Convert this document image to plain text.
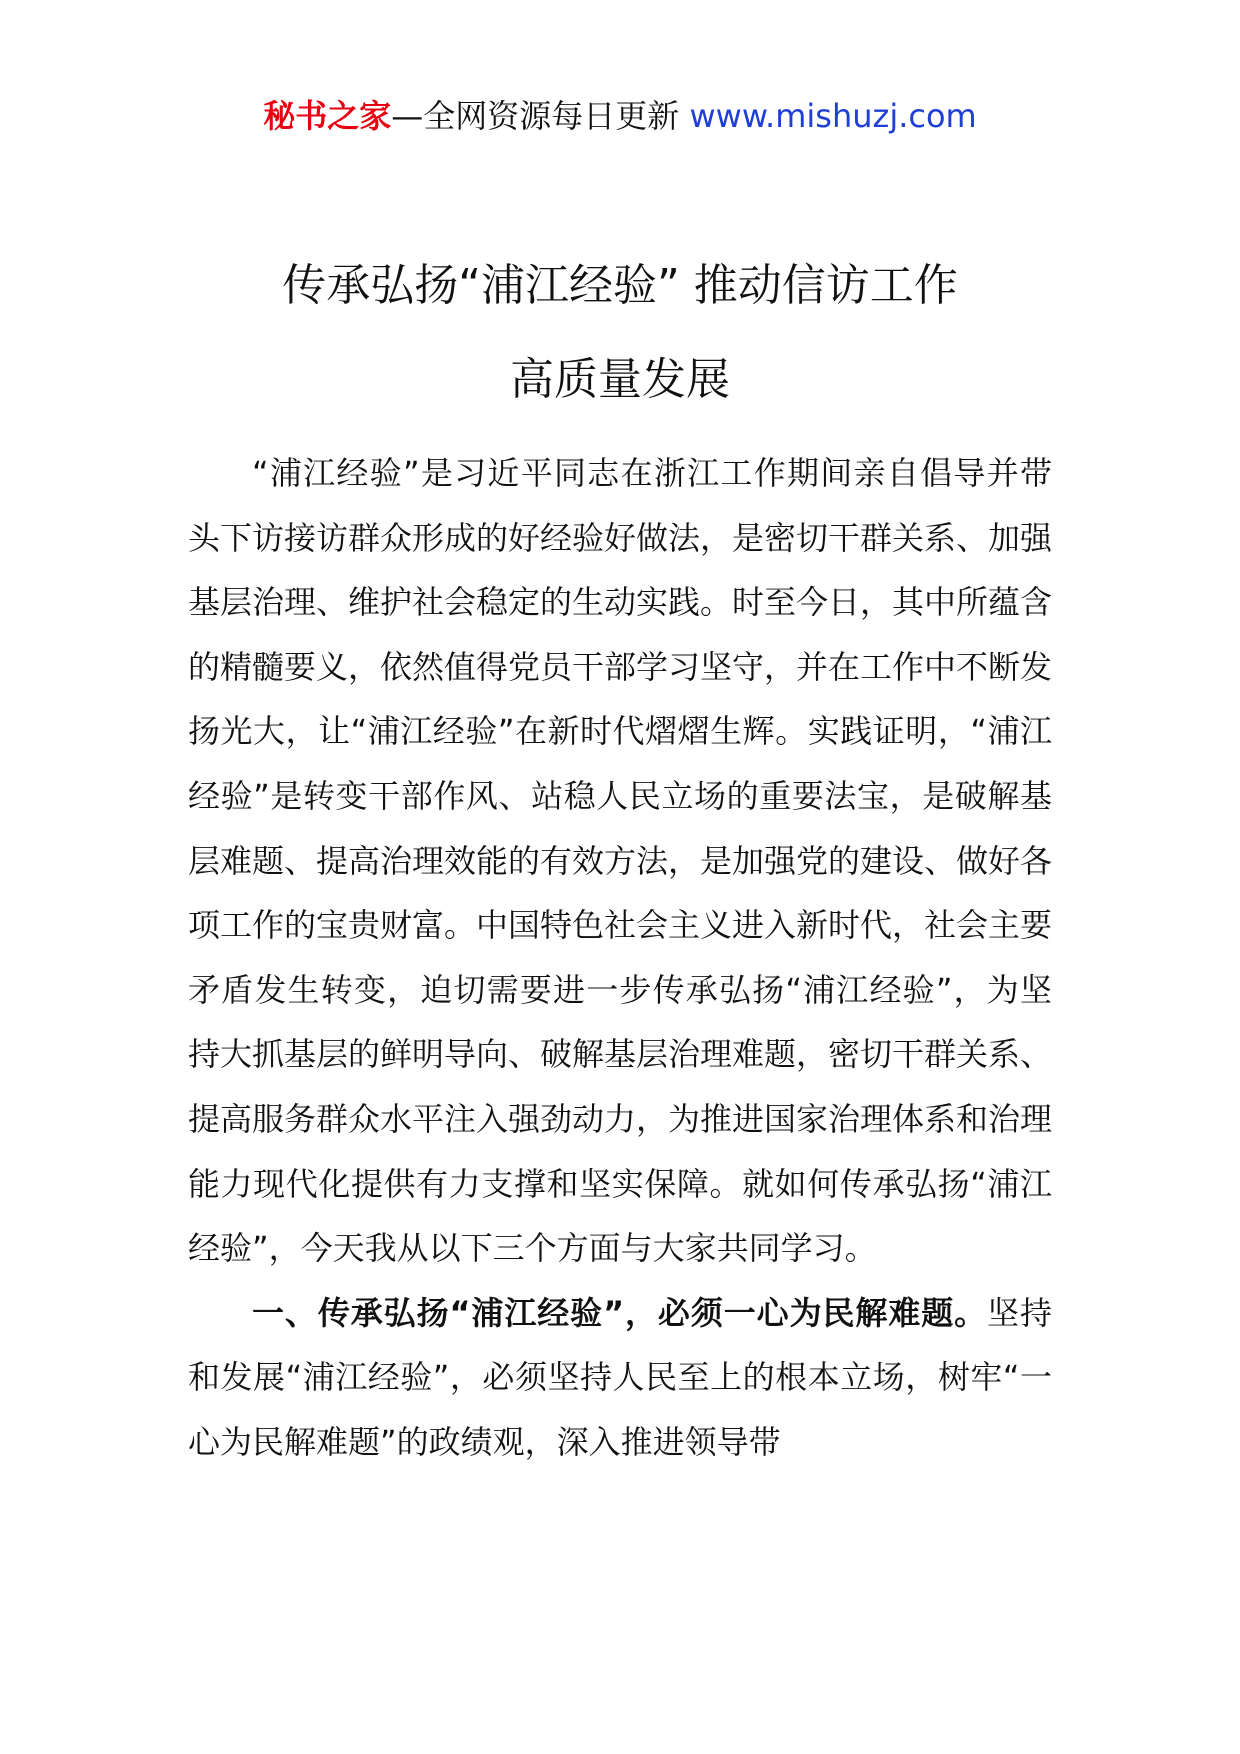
秘书之家—全网资源每日更新 www.mishuzj.com
传承弘扬“浦江经验” 推动信访工作
高质量发展

“浦江经验”是习近平同志在浙江工作期间亲自倡导并带头下访接访群众形成的好经验好做法，是密切干群关系、加强基层治理、维护社会稳定的生动实践。时至今日，其中所蕴含的精髓要义，依然值得党员干部学习坚守，并在工作中不断发扬光大，让“浦江经验”在新时代熠熠生辉。实践证明，“浦江经验”是转变干部作风、站稳人民立场的重要法宝，是破解基层难题、提高治理效能的有效方法，是加强党的建设、做好各项工作的宝贵财富。中国特色社会主义进入新时代，社会主要矛盾发生转变，迫切需要进一步传承弘扬“浦江经验”，为坚持大抓基层的鲜明导向、破解基层治理难题，密切干群关系、提高服务群众水平注入强劲动力，为推进国家治理体系和治理能力现代化提供有力支撑和坚实保障。就如何传承弘扬“浦江经验”，今天我从以下三个方面与大家共同学习。

一、传承弘扬“浦江经验”，必须一心为民解难题。坚持和发展“浦江经验”，必须坚持人民至上的根本立场，树牢“一心为民解难题”的政绩观，深入推进领导带
